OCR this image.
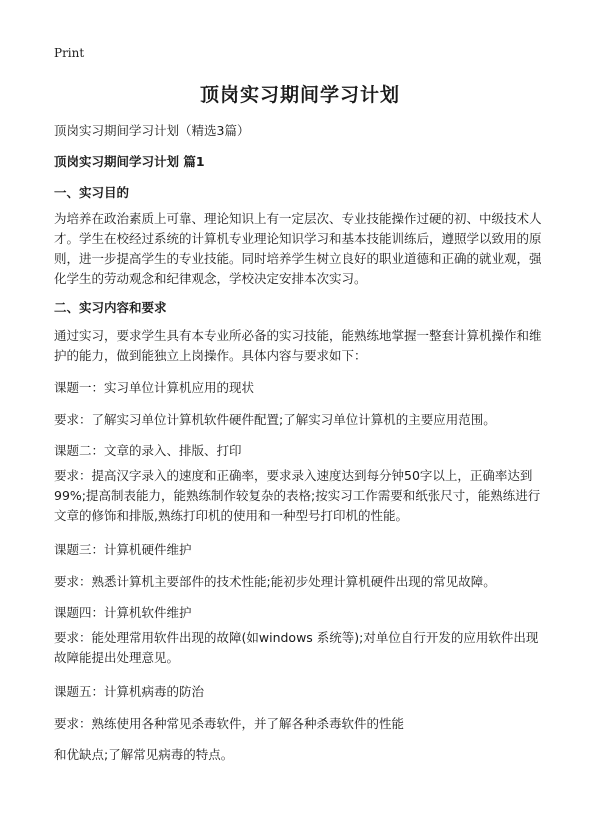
Print
顶岗实习期间学习计划
顶岗实习期间学习计划（精选3篇）
顶岗实习期间学习计划 篇1
一、实习目的
为培养在政治素质上可靠、理论知识上有一定层次、专业技能操作过硬的初、中级技术人才。学生在校经过系统的计算机专业理论知识学习和基本技能训练后，遵照学以致用的原则，进一步提高学生的专业技能。同时培养学生树立良好的职业道德和正确的就业观，强化学生的劳动观念和纪律观念，学校决定安排本次实习。
二、实习内容和要求
通过实习，要求学生具有本专业所必备的实习技能，能熟练地掌握一整套计算机操作和维护的能力，做到能独立上岗操作。具体内容与要求如下：
课题一：实习单位计算机应用的现状
要求：了解实习单位计算机软件硬件配置;了解实习单位计算机的主要应用范围。
课题二：文章的录入、排版、打印
要求：提高汉字录入的速度和正确率，要求录入速度达到每分钟50字以上，正确率达到99%;提高制表能力，能熟练制作较复杂的表格;按实习工作需要和纸张尺寸，能熟练进行文章的修饰和排版,熟练打印机的使用和一种型号打印机的性能。
课题三：计算机硬件维护
要求：熟悉计算机主要部件的技术性能;能初步处理计算机硬件出现的常见故障。
课题四：计算机软件维护
要求：能处理常用软件出现的故障(如windows 系统等);对单位自行开发的应用软件出现故障能提出处理意见。
课题五：计算机病毒的防治
要求：熟练使用各种常见杀毒软件，并了解各种杀毒软件的性能
和优缺点;了解常见病毒的特点。
